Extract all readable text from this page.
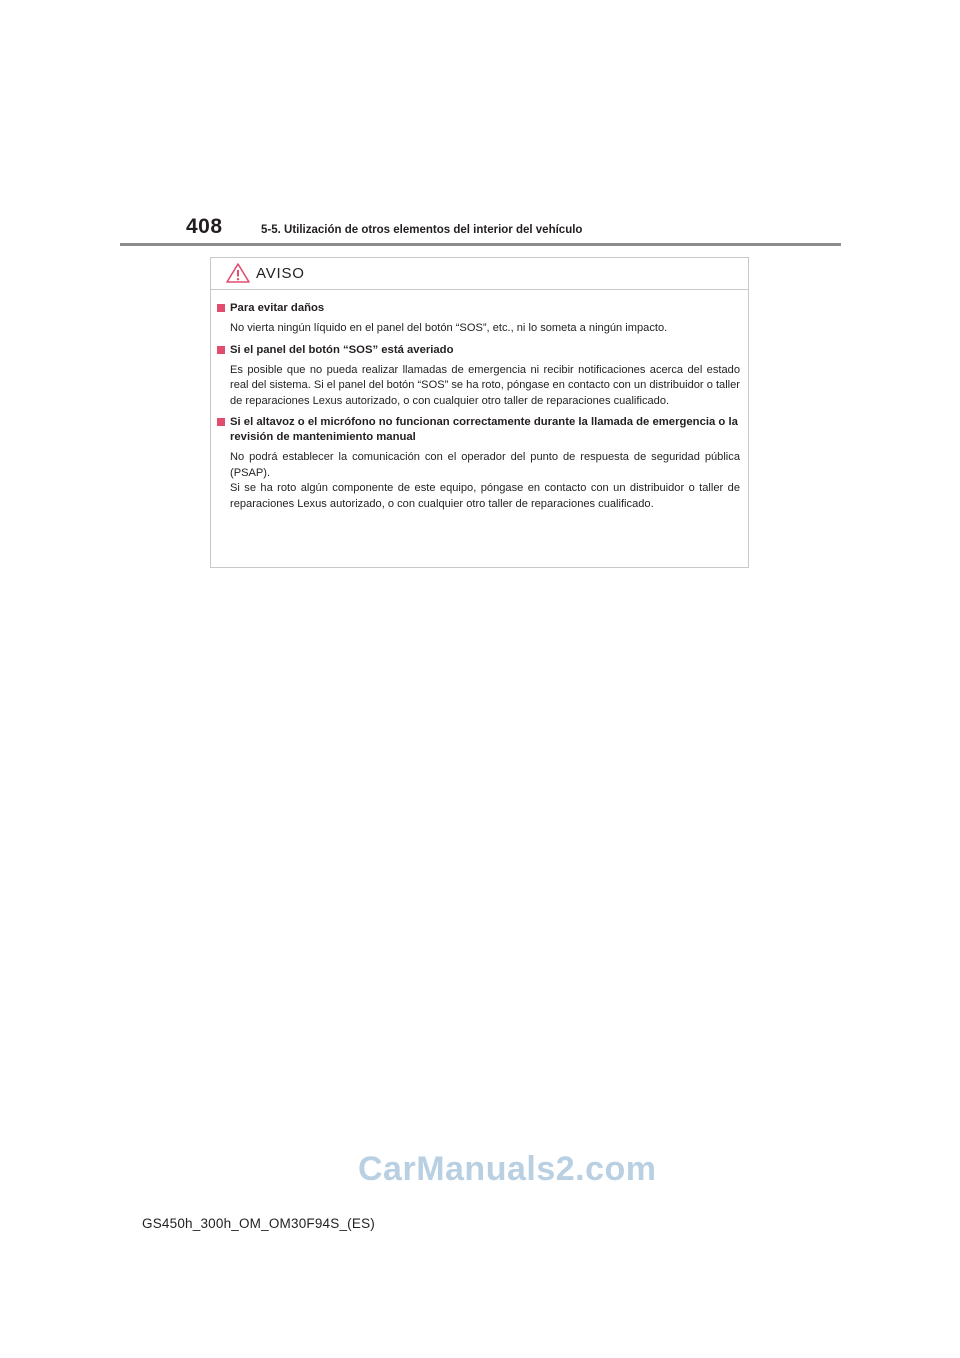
408	5-5. Utilización de otros elementos del interior del vehículo
AVISO
Para evitar daños

No vierta ningún líquido en el panel del botón “SOS”, etc., ni lo someta a ningún impacto.

Si el panel del botón “SOS” está averiado

Es posible que no pueda realizar llamadas de emergencia ni recibir notificaciones acerca del estado real del sistema. Si el panel del botón “SOS” se ha roto, póngase en contacto con un distribuidor o taller de reparaciones Lexus autorizado, o con cualquier otro taller de reparaciones cualificado.

Si el altavoz o el micrófono no funcionan correctamente durante la llamada de emergencia o la revisión de mantenimiento manual

No podrá establecer la comunicación con el operador del punto de respuesta de seguridad pública (PSAP).

Si se ha roto algún componente de este equipo, póngase en contacto con un distribuidor o taller de reparaciones Lexus autorizado, o con cualquier otro taller de reparaciones cualificado.

CarManuals2.com
GS450h_300h_OM_OM30F94S_(ES)
